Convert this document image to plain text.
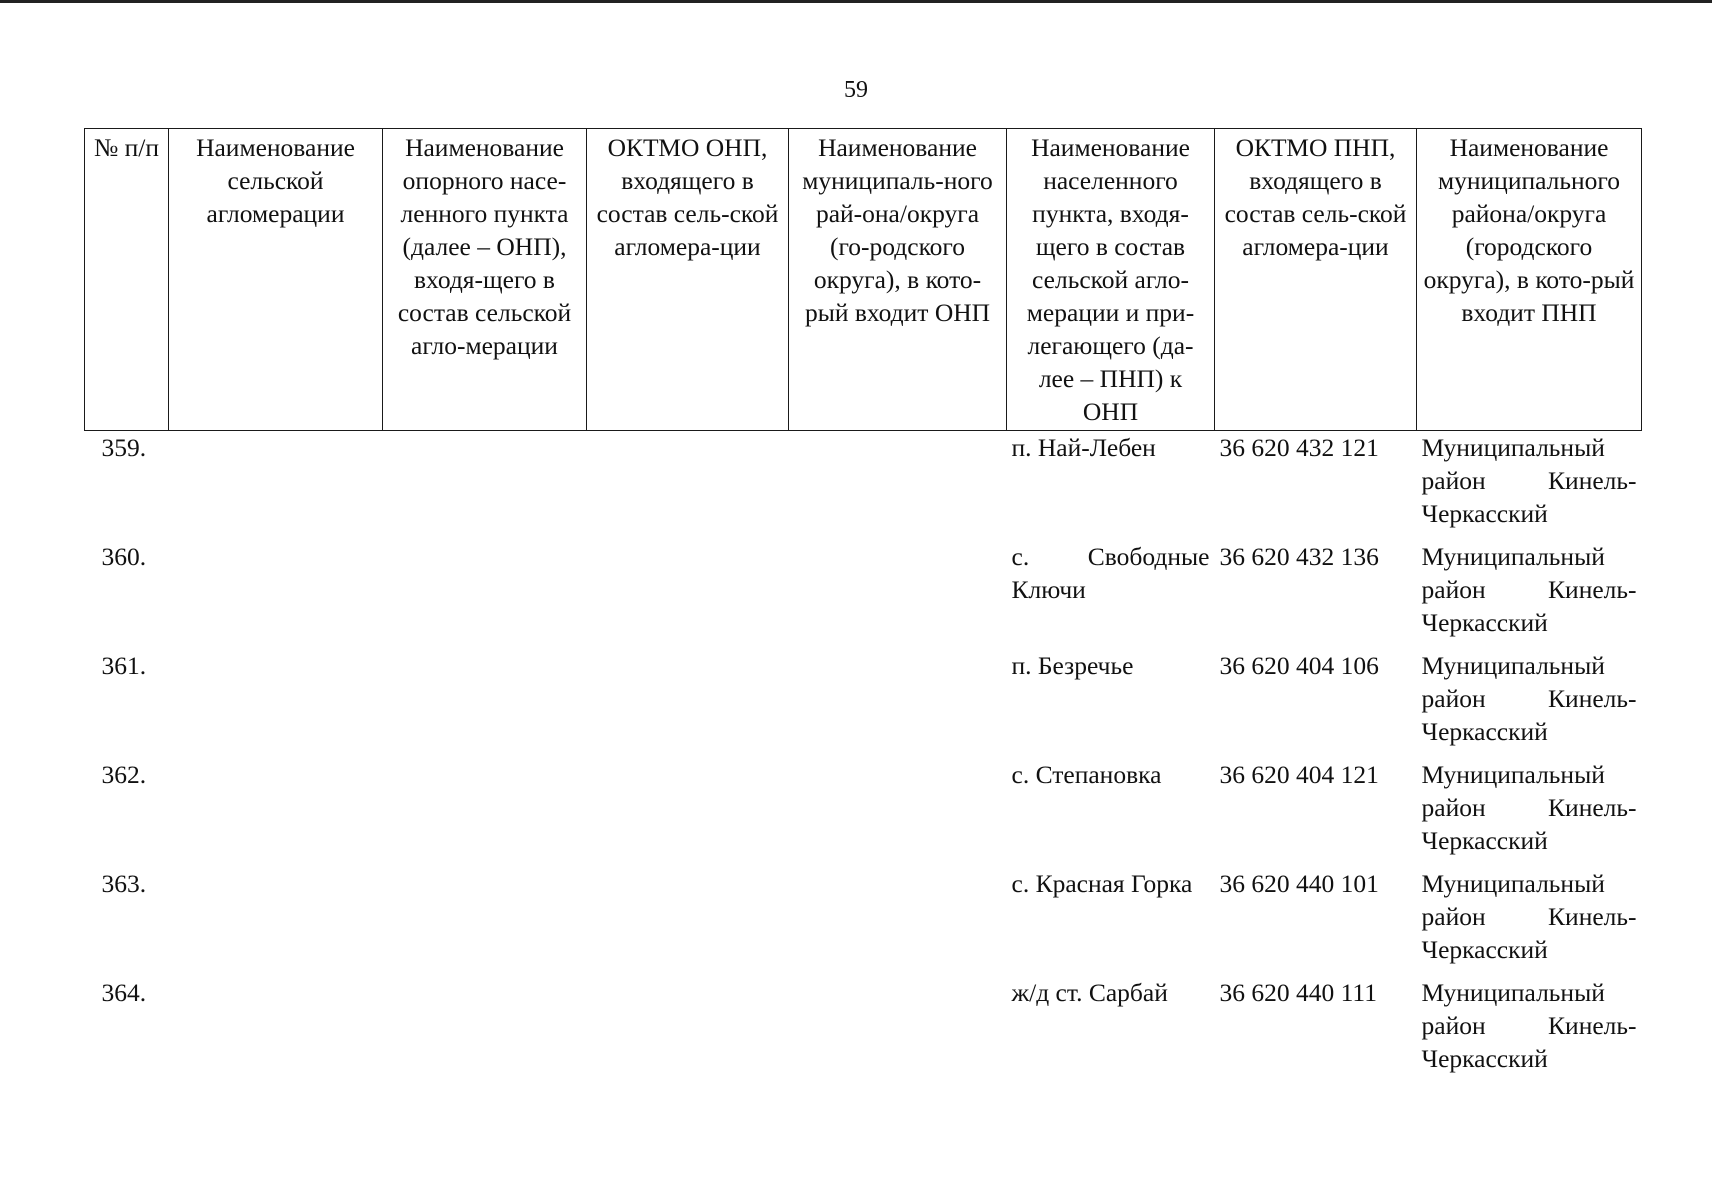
59
№ п/п	Наименование сельской агломерации	Наименование опорного насе-ленного пункта (далее – ОНП), входя-щего в состав сельской агло-мерации	ОКТМО ОНП, входящего в состав сель-ской агломера-ции	Наименование муниципаль-ного рай-она/округа (го-родского округа), в кото-рый входит ОНП	Наименование населенного пункта, входя-щего в состав сельской агло-мерации и при-легающего (да-лее – ПНП) к ОНП	ОКТМО ПНП, входящего в состав сель-ской агломера-ции	Наименование муниципального района/округа (городского округа), в кото-рый входит ПНП
359.					п. Най-Лебен	36 620 432 121	Муниципальный район Кинель-Черкасский
360.					с. Свободные Ключи	36 620 432 136	Муниципальный район Кинель-Черкасский
361.					п. Безречье	36 620 404 106	Муниципальный район Кинель-Черкасский
362.					с. Степановка	36 620 404 121	Муниципальный район Кинель-Черкасский
363.					с. Красная Горка	36 620 440 101	Муниципальный район Кинель-Черкасский
364.					ж/д ст. Сарбай	36 620 440 111	Муниципальный район Кинель-Черкасский
